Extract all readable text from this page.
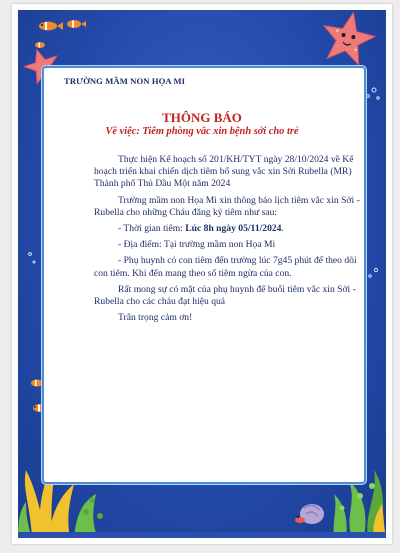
TRƯỜNG MẦM NON HỌA MI
THÔNG BÁO
Về việc: Tiêm phòng vắc xin bệnh sởi cho trẻ

Thực hiện Kế hoạch số 201/KH/TYT ngày 28/10/2024 về Kế hoạch triển khai chiến dịch tiêm bổ sung vắc xin Sởi Rubella (MR) Thành phố Thủ Dầu Một năm 2024

Trường mầm non Họa Mi xin thông báo lịch tiêm vắc xin Sởi - Rubella cho những Cháu đăng ký tiêm như sau:

- Thời gian tiêm: Lúc 8h ngày 05/11/2024.

- Địa điểm: Tại trường mầm non Họa Mi

- Phụ huynh có con tiêm đến trường lúc 7g45 phút để theo dõi con tiêm. Khi đến mang theo sổ tiêm ngừa của con.

Rất mong sự có mặt của phụ huynh để buổi tiêm vắc xin Sởi - Rubella cho các cháu đạt hiệu quả

Trân trọng cảm ơn!
